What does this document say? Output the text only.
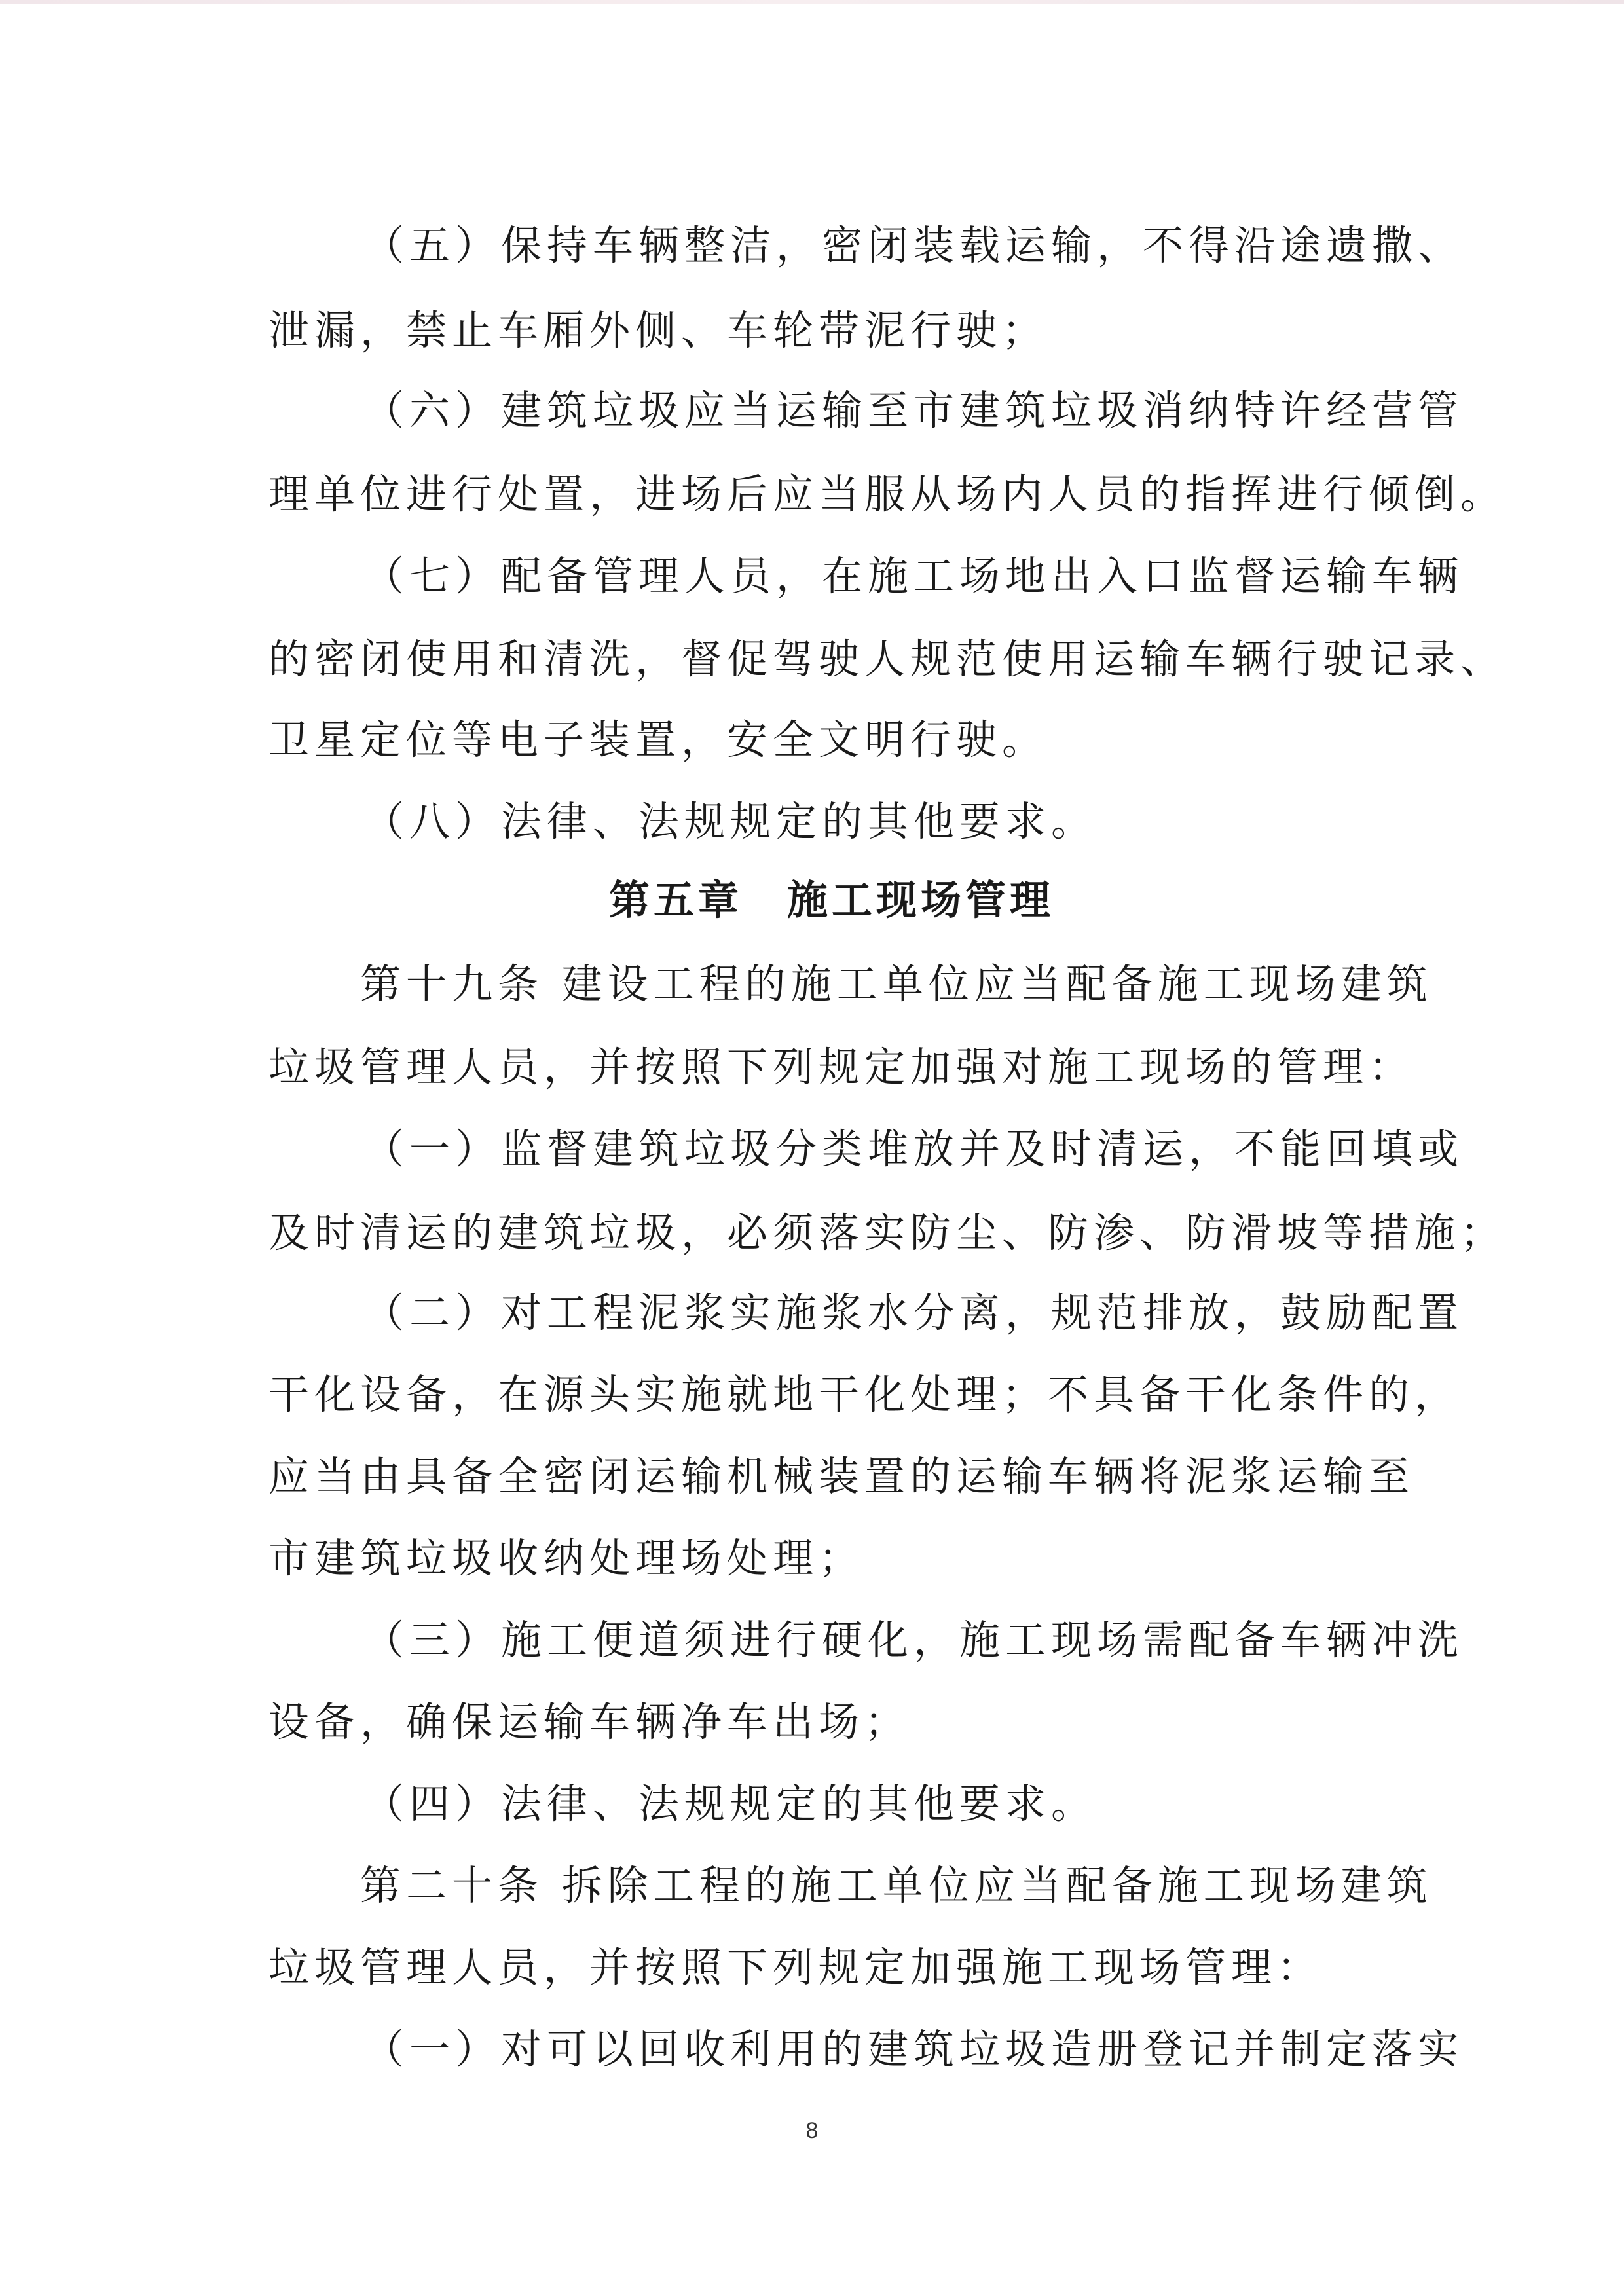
（五）保持车辆整洁，密闭装载运输，不得沿途遗撒、
泄漏，禁止车厢外侧、车轮带泥行驶；
（六）建筑垃圾应当运输至市建筑垃圾消纳特许经营管
理单位进行处置，进场后应当服从场内人员的指挥进行倾倒。
（七）配备管理人员，在施工场地出入口监督运输车辆
的密闭使用和清洗，督促驾驶人规范使用运输车辆行驶记录、
卫星定位等电子装置，安全文明行驶。
（八）法律、法规规定的其他要求。
第五章　施工现场管理
第十九条 建设工程的施工单位应当配备施工现场建筑
垃圾管理人员，并按照下列规定加强对施工现场的管理：
（一）监督建筑垃圾分类堆放并及时清运，不能回填或
及时清运的建筑垃圾，必须落实防尘、防渗、防滑坡等措施；
（二）对工程泥浆实施浆水分离，规范排放，鼓励配置
干化设备，在源头实施就地干化处理；不具备干化条件的，
应当由具备全密闭运输机械装置的运输车辆将泥浆运输至
市建筑垃圾收纳处理场处理；
（三）施工便道须进行硬化，施工现场需配备车辆冲洗
设备，确保运输车辆净车出场；
（四）法律、法规规定的其他要求。
第二十条 拆除工程的施工单位应当配备施工现场建筑
垃圾管理人员，并按照下列规定加强施工现场管理：
（一）对可以回收利用的建筑垃圾造册登记并制定落实
8
